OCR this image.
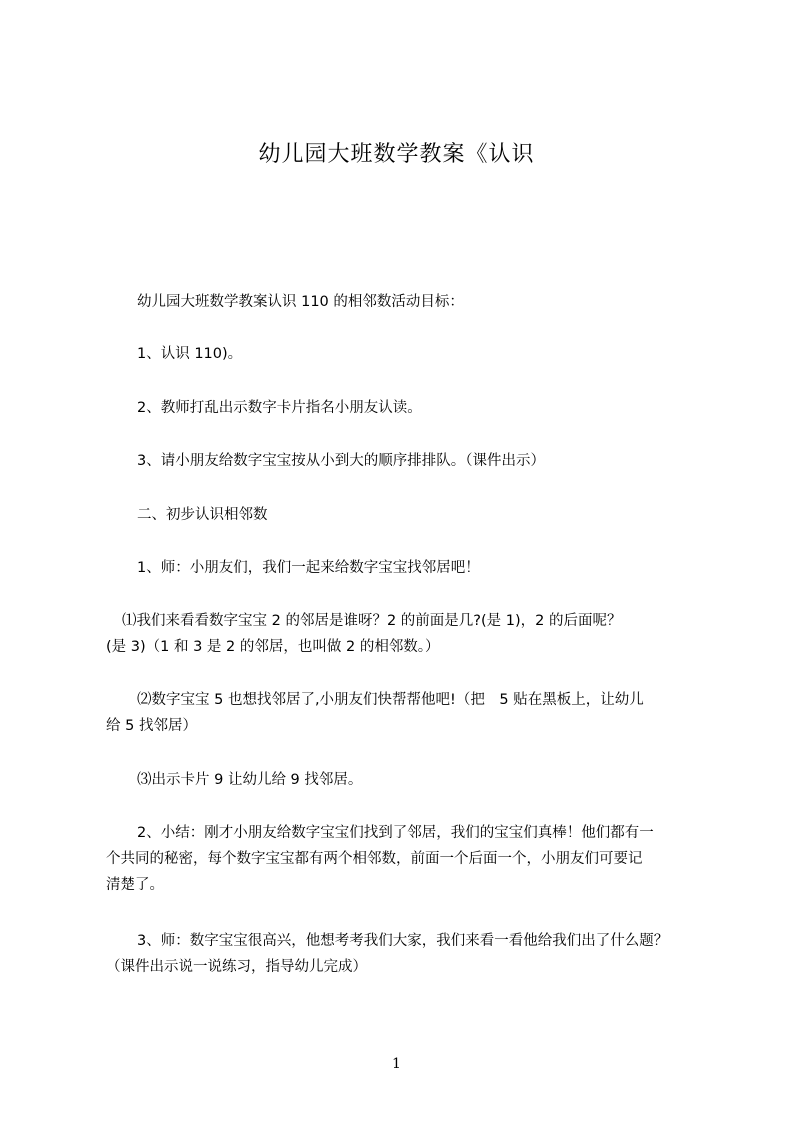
幼儿园大班数学教案《认识

幼儿园大班数学教案认识 110 的相邻数活动目标：

1、认识 110)。

2、教师打乱出示数字卡片指名小朋友认读。

3、请小朋友给数字宝宝按从小到大的顺序排排队。（课件出示）

二、初步认识相邻数

1、师：小朋友们，我们一起来给数字宝宝找邻居吧！

⑴我们来看看数字宝宝 2 的邻居是谁呀？2 的前面是几?(是 1)，2 的后面呢？
(是 3)（1 和 3 是 2 的邻居，也叫做 2 的相邻数。）

⑵数字宝宝 5 也想找邻居了,小朋友们快帮帮他吧!（把　5 贴在黑板上，让幼儿
给 5 找邻居）

⑶出示卡片 9 让幼儿给 9 找邻居。

2、小结：刚才小朋友给数字宝宝们找到了邻居，我们的宝宝们真棒！他们都有一
个共同的秘密，每个数字宝宝都有两个相邻数，前面一个后面一个，小朋友们可要记
清楚了。

3、师：数字宝宝很高兴，他想考考我们大家，我们来看一看他给我们出了什么题？
（课件出示说一说练习，指导幼儿完成）

1
